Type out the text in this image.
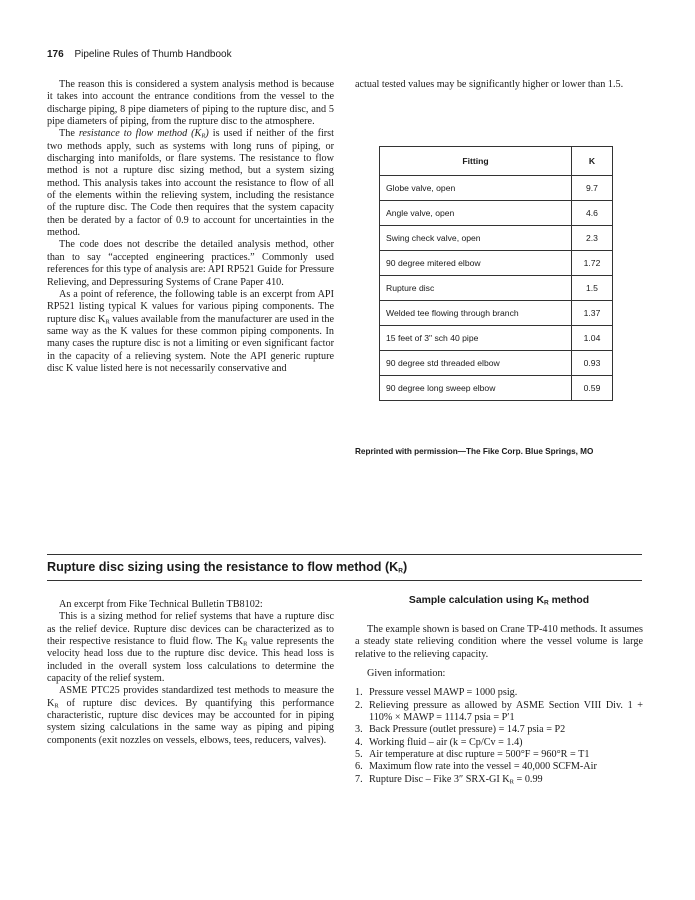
176 Pipeline Rules of Thumb Handbook

The reason this is considered a system analysis method is because it takes into account the entrance conditions from the vessel to the discharge piping, 8 pipe diameters of piping to the rupture disc, and 5 pipe diameters of piping, from the rupture disc to the atmosphere.

The resistance to flow method $(K_R)$ is used if neither of the first two methods apply, such as systems with long runs of piping, or discharging into manifolds, or flare systems. The resistance to flow method is not a rupture disc sizing method, but a system sizing method. This analysis takes into account the resistance to flow of all of the elements within the relieving system, including the resistance of the rupture disc. The Code then requires that the system capacity then be derated by a factor of 0.9 to account for uncertainties in the method.

The code does not describe the detailed analysis method, other than to say “accepted engineering practices.” Commonly used references for this type of analysis are: API RP521 Guide for Pressure Relieving, and Depressuring Systems of Crane Paper 410.

As a point of reference, the following table is an excerpt from API RP521 listing typical K values for various piping components. The rupture disc $K_R$ values available from the manufacturer are used in the same way as the K values for these common piping components. In many cases the rupture disc is not a limiting or even significant factor in the capacity of a relieving system. Note the API generic rupture disc K value listed here is not necessarily conservative and

actual tested values may be significantly higher or lower than 1.5.

Fitting	K
Globe valve, open	9.7
Angle valve, open	4.6
Swing check valve, open	2.3
90 degree mitered elbow	1.72
Rupture disc	1.5
Welded tee flowing through branch	1.37
15 feet of 3" sch 40 pipe	1.04
90 degree std threaded elbow	0.93
90 degree long sweep elbow	0.59
Reprinted with permission—The Fike Corp. Blue Springs, MO
Rupture disc sizing using the resistance to flow method $(K_R)$

An excerpt from Fike Technical Bulletin TB8102:

This is a sizing method for relief systems that have a rupture disc as the relief device. Rupture disc devices can be characterized as to their respective resistance to fluid flow. The $K_R$ value represents the velocity head loss due to the rupture disc device. This head loss is included in the overall system loss calculations to determine the capacity of the relief system.

ASME PTC25 provides standardized test methods to measure the $K_R$ of rupture disc devices. By quantifying this performance characteristic, rupture disc devices may be accounted for in piping system sizing calculations in the same way as piping and piping components (exit nozzles on vessels, elbows, tees, reducers, valves).

Sample calculation using $K_R$ method

The example shown is based on Crane TP-410 methods. It assumes a steady state relieving condition where the vessel volume is large relative to the relieving capacity.

Given information:

1. Pressure vessel MAWP = 1000 psig.
2. Relieving pressure as allowed by ASME Section VIII Div. 1 + 110% × MAWP = 1114.7 psia = P′1
3. Back Pressure (outlet pressure) = 14.7 psia = P2
4. Working fluid – air (k = Cp/Cv = 1.4)
5. Air temperature at disc rupture = 500°F = 960°R = T1
6. Maximum flow rate into the vessel = 40,000 SCFM-Air
7. Rupture Disc – Fike 3″ SRX-GI $K_R = 0.99$
